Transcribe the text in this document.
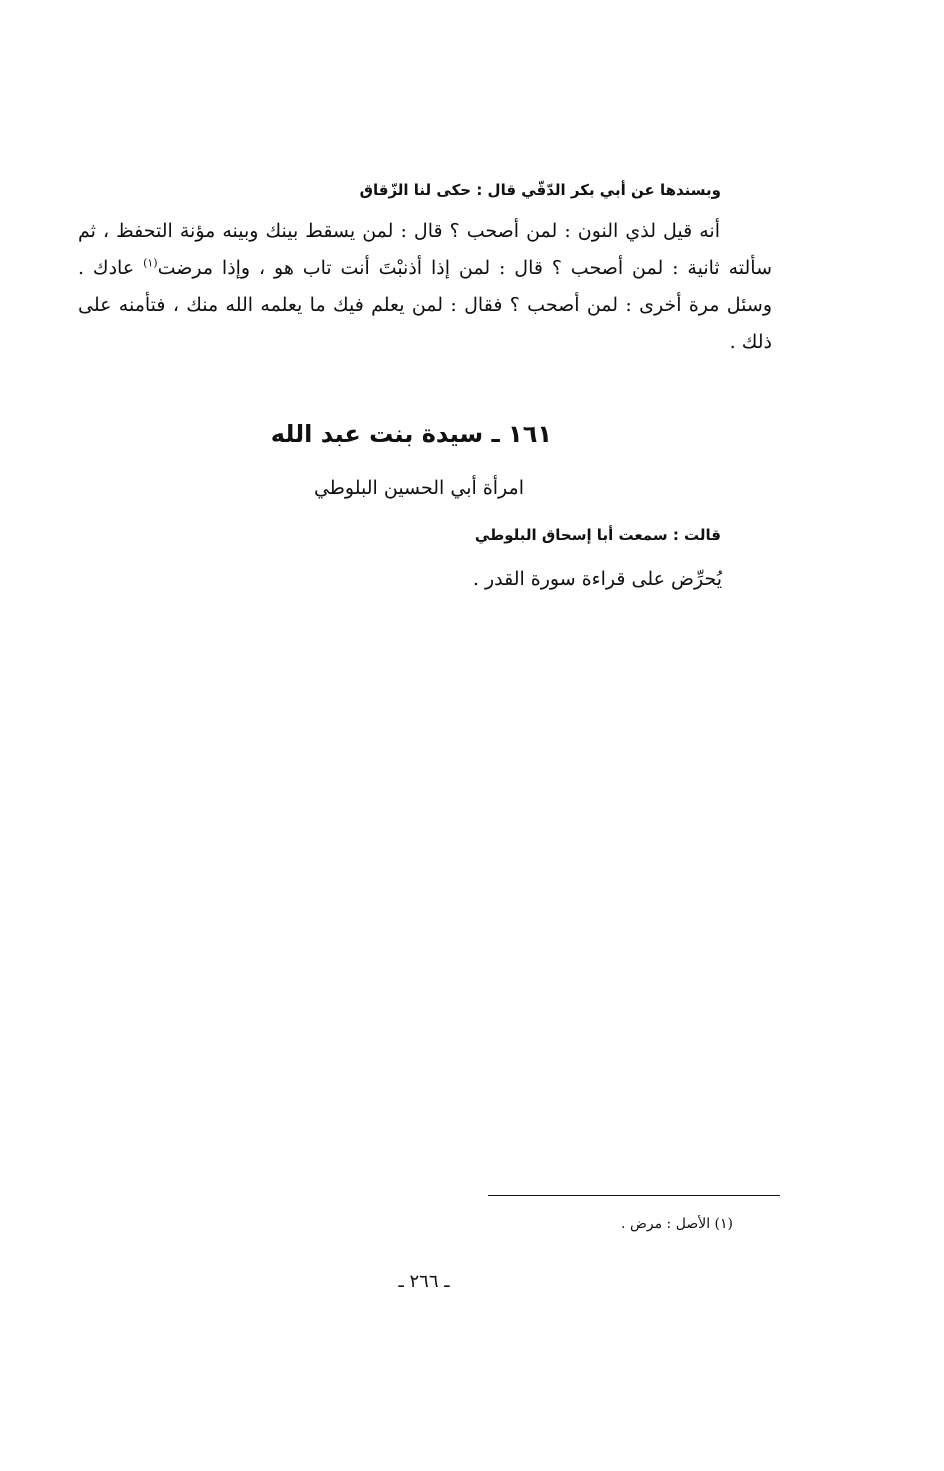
وبسندها عن أبي بكر الدّقّي قال : حكى لنا الزّقاق
أنه قيل لذي النون : لمن أصحب ؟ قال : لمن يسقط بينك وبينه مؤنة التحفظ ، ثم سألته ثانية : لمن أصحب ؟ قال : لمن إذا أذنبْتَ أنت تاب هو ، وإذا مرضت$^{(١)}$ عادك . وسئل مرة أخرى : لمن أصحب ؟ فقال : لمن يعلم فيك ما يعلمه الله منك ، فتأمنه على ذلك .
١٦١ ـ سيدة بنت عبد الله
امرأة أبي الحسين البلوطي
قالت : سمعت أبا إسحاق البلوطي
يُحرِّض على قراءة سورة القدر .
(١) الأصل : مرض .
ـ ٢٦٦ ـ
